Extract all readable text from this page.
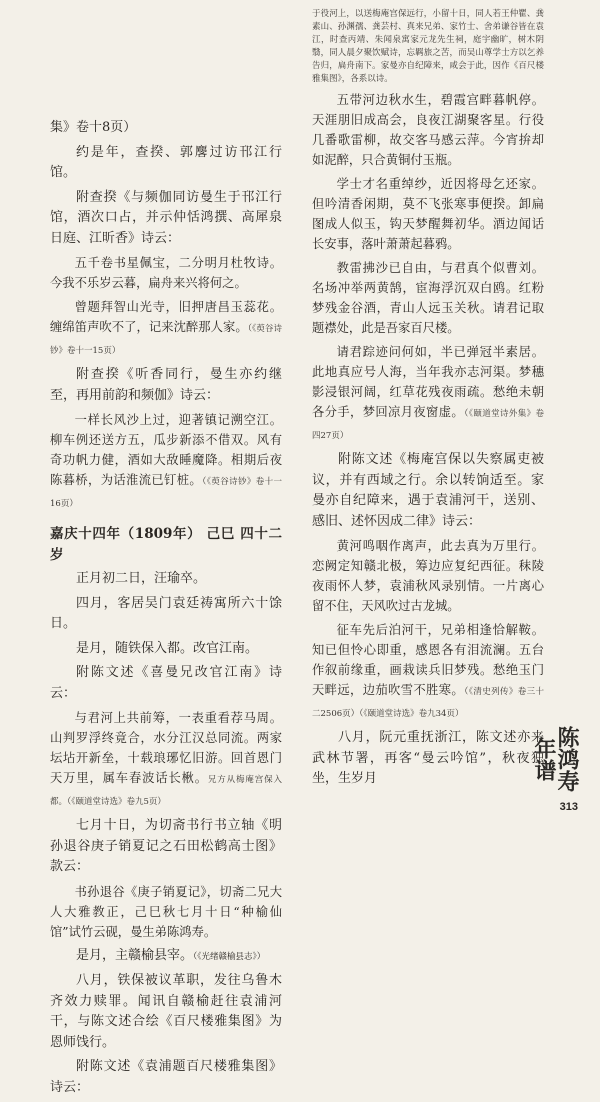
集》卷十8页）

约是年，查揆、郭麐过访邗江行馆。

附查揆《与频伽同访曼生于邗江行馆，酒次口占，并示仲恬鸿撰、高犀泉日庭、江昕香》诗云：

五千卷书星佩宝，二分明月杜牧诗。今我不乐岁云暮，扁舟来兴将何之。

曾题拜智山光寺，旧押唐昌玉蕊花。缠绵笛声吹不了，记来沈醉那人家。（《萸谷诗钞》卷十一15页）

附查揆《听香同行，曼生亦约继至，再用前韵和频伽》诗云：

一样长风沙上过，迎著镇记溯空江。柳车例还送方五，瓜步新添不借双。风有奇功帆力健，酒如大敌睡魔降。相期后夜陈暮桥，为话淮流已钉桩。（《萸谷诗钞》卷十一16页）

嘉庆十四年（1809年） 己巳 四十二岁

正月初二日，汪瑜卒。

四月，客居吴门袁廷祷寓所六十馀日。

是月，随铁保入都。改官江南。

附陈文述《喜曼兄改官江南》诗云：

与君河上共前筹，一表重看荐马周。山判罗浮终竟合，水分江汉总同流。两家坛坫开新垒，十载琅琊忆旧游。回首恩门天万里，属车春波话长楸。兄方从梅庵宫保入都。（《颐道堂诗选》卷九5页）

七月十日，为切斋书行书立轴《明孙退谷庚子销夏记之石田松鹤高士图》款云：

书孙退谷《庚子销夏记》，切斋二兄大人大雅教正，己巳秋七月十日“种榆仙馆”试竹云砚，曼生弟陈鸿寿。

是月，主赣榆县宰。（《光绪赣榆县志》）

八月，铁保被议革职，发往乌鲁木齐效力赎罪。闻讯自赣榆赶往袁浦河干，与陈文述合绘《百尺楼雅集图》为恩师饯行。

附陈文述《袁浦题百尺楼雅集图》诗云：

于役河上，以送梅庵宫保远行，小留十日，同人若王仲瞿、龚素山、孙渊孺、龚芸村、真来兄弟、家竹士、舍弟谦谷皆在袁江，时查丙靖、朱闻泉寓家元龙先生祠，庭宇幽旷，树木阴翳，同人晨夕聚饮赋诗，忘羁旅之苦，而吴山尊学士方以乞养告归，扁舟南下。家曼亦自纪障来，咸会于此，因作《百尺楼雅集图》，各系以诗。

五带河边秋水生，碧霞宫畔暮帆停。天涯朋旧成高会，良夜江湖聚客星。行役几番歌雷柳，故交客马感云萍。今宵拚却如泥醉，只合黄铜付玉瓶。

学士才名重绰纱，近因将母乞还家。但吟清香闲期，莫不飞张寒事便揆。卸扁图成人似玉，钩天梦醒舞初华。酒边闻话长安事，落叶萧萧起暮鸦。

教雷拂沙已自由，与君真个似曹刘。名场冲举两黄鹄，宦海浮沉双白鸥。红粉梦残金谷酒，青山人远玉关秋。请君记取题襟处，此是吾家百尺楼。

请君踪迹问何如，半已弹冠半素居。此地真应号人海，当年我亦志河渠。梦穗影浸银河阔，红草花残夜雨疏。愁绝未朝各分手，梦回凉月夜窗虚。（《颐道堂诗外集》卷四27页）

附陈文述《梅庵宫保以失察属吏被议，并有西域之行。余以转饷适至。家曼亦自纪障来，遇于袁浦河干，送别、感旧、述怀因成二律》诗云：

黄河鸣咽作离声，此去真为万里行。恋阙定知赣北极，筹边应复纪西征。秣陵夜雨怀人梦，袁浦秋风录别情。一片离心留不住，天风吹过古龙城。

征车先后泊河干，兄弟相逢恰解鞍。知已但怜心即重，感恩各有泪流澜。五台作叙前缘重，画栽读兵旧梦残。愁绝玉门天畔远，边茄吹雪不胜寒。（《清史列传》卷三十二2506页）（《颐道堂诗选》卷九34页）

八月，阮元重抚浙江，陈文述亦来武林节署，再客“曼云吟馆”，秋夜独坐，生岁月	陈鸿寿年谱
313
